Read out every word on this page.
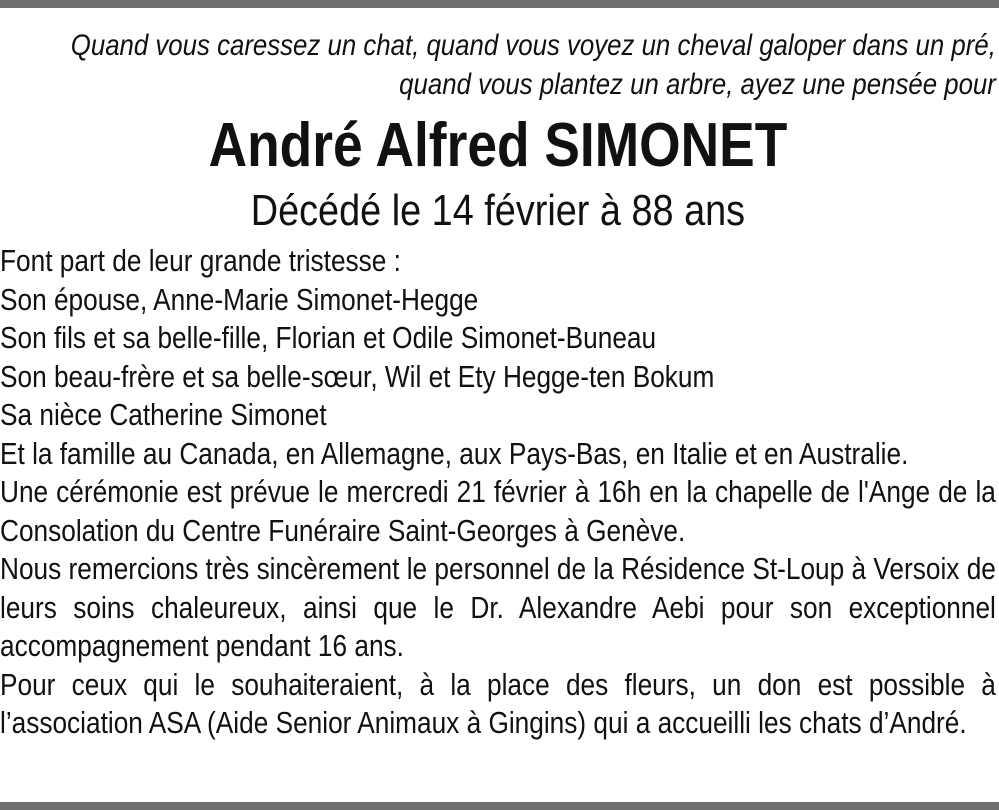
Quand vous caressez un chat, quand vous voyez un cheval galoper dans un pré,

quand vous plantez un arbre, ayez une pensée pour

André Alfred SIMONET

Décédé le 14 février à 88 ans

Font part de leur grande tristesse :

Son épouse, Anne-Marie Simonet-Hegge

Son fils et sa belle-fille, Florian et Odile Simonet-Buneau

Son beau-frère et sa belle-sœur, Wil et Ety Hegge-ten Bokum

Sa nièce Catherine Simonet

Et la famille au Canada, en Allemagne, aux Pays-Bas, en Italie et en Australie.

Une cérémonie est prévue le mercredi 21 février à 16h en la chapelle de l'Ange de la Consolation du Centre Funéraire Saint-Georges à Genève.

Nous remercions très sincèrement le personnel de la Résidence St-Loup à Versoix de leurs soins chaleureux, ainsi que le Dr. Alexandre Aebi pour son exceptionnel accompagnement pendant 16 ans.

Pour ceux qui le souhaiteraient, à la place des fleurs, un don est possible à l’association ASA (Aide Senior Animaux à Gingins) qui a accueilli les chats d’André.
